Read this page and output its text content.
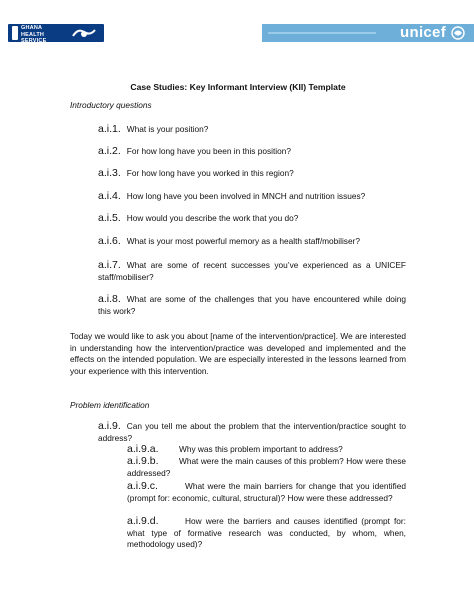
GHANA HEALTH
SERVICE	unicef
Case Studies: Key Informant Interview (KII) Template
Introductory questions
a.i.1. What is your position?
a.i.2. For how long have you been in this position?
a.i.3. For how long have you worked in this region?
a.i.4. How long have you been involved in MNCH and nutrition issues?
a.i.5. How would you describe the work that you do?
a.i.6. What is your most powerful memory as a health staff/mobiliser?
a.i.7. What are some of recent successes you’ve experienced as a UNICEF staff/mobiliser?
a.i.8. What are some of the challenges that you have encountered while doing this work?
Today we would like to ask you about [name of the intervention/practice]. We are interested in understanding how the intervention/practice was developed and implemented and the effects on the intended population. We are especially interested in the lessons learned from your experience with this intervention.
Problem identification
a.i.9. Can you tell me about the problem that the intervention/practice sought to address?
a.i.9.a. Why was this problem important to address?
a.i.9.b. What were the main causes of this problem? How were these addressed?
a.i.9.c.	What were the main barriers for change that you identified (prompt for: economic, cultural, structural)? How were these addressed?
a.i.9.d.	How were the barriers and causes identified (prompt for: what type of formative research was conducted, by whom, when, methodology used)?
